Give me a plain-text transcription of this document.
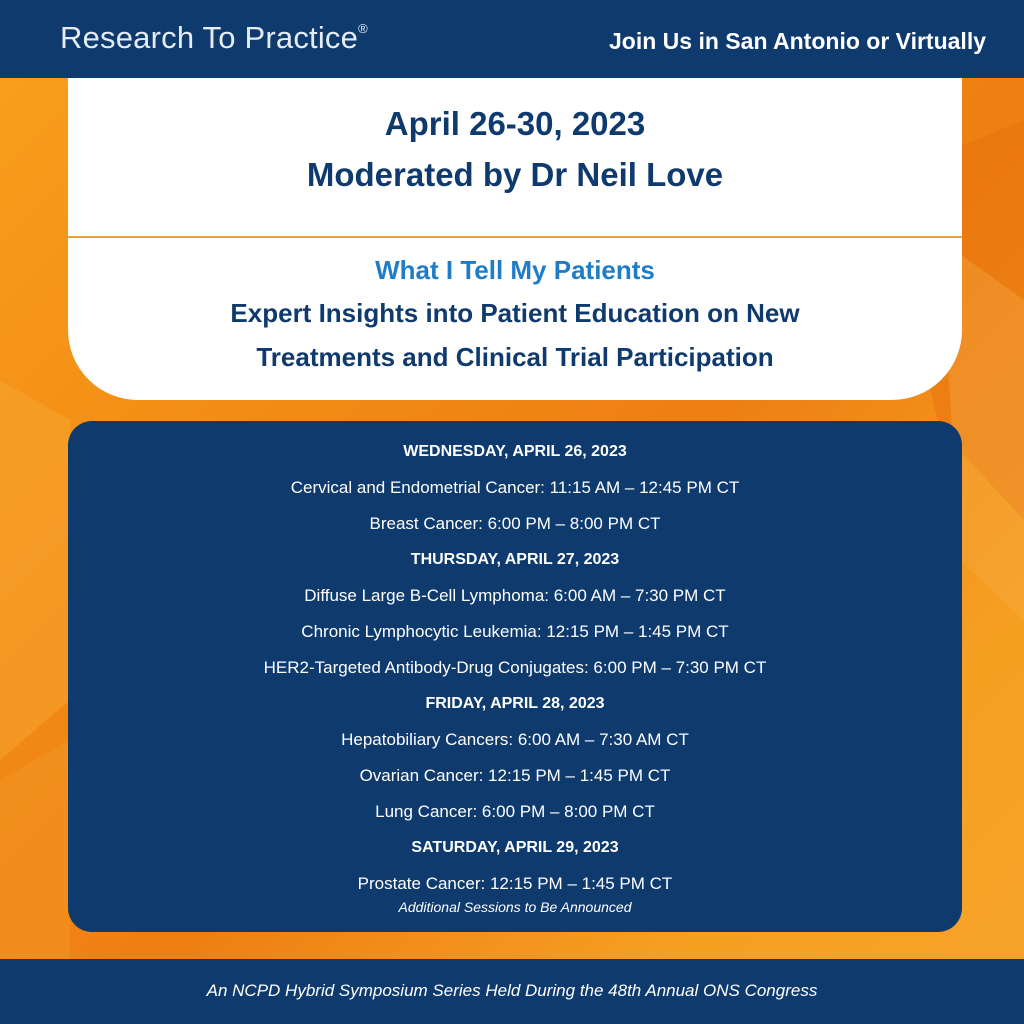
Research To Practice®	Join Us in San Antonio or Virtually
April 26-30, 2023
Moderated by Dr Neil Love
What I Tell My Patients
Expert Insights into Patient Education on New
Treatments and Clinical Trial Participation
WEDNESDAY, APRIL 26, 2023
Cervical and Endometrial Cancer: 11:15 AM – 12:45 PM CT
Breast Cancer: 6:00 PM – 8:00 PM CT
THURSDAY, APRIL 27, 2023
Diffuse Large B-Cell Lymphoma: 6:00 AM – 7:30 PM CT
Chronic Lymphocytic Leukemia: 12:15 PM – 1:45 PM CT
HER2-Targeted Antibody-Drug Conjugates: 6:00 PM – 7:30 PM CT
FRIDAY, APRIL 28, 2023
Hepatobiliary Cancers: 6:00 AM – 7:30 AM CT
Ovarian Cancer: 12:15 PM – 1:45 PM CT
Lung Cancer: 6:00 PM – 8:00 PM CT
SATURDAY, APRIL 29, 2023
Prostate Cancer: 12:15 PM – 1:45 PM CT
Additional Sessions to Be Announced
An NCPD Hybrid Symposium Series Held During the 48th Annual ONS Congress
